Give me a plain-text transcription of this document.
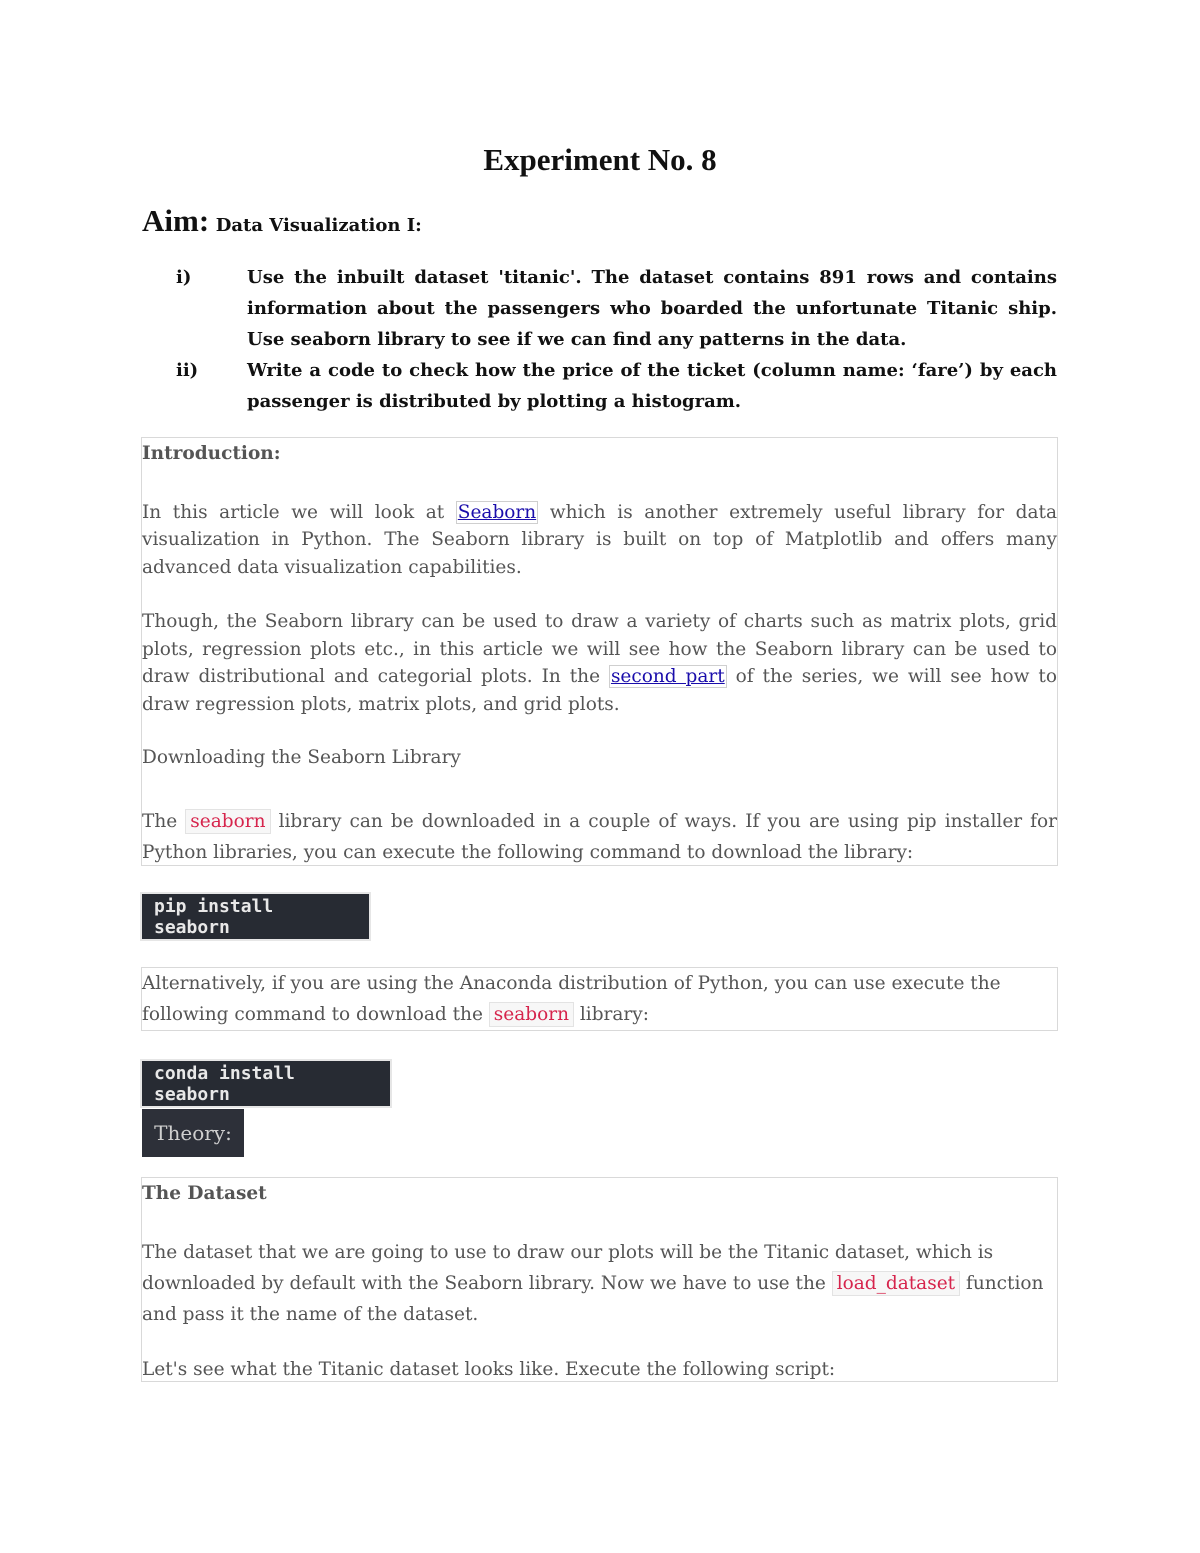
Experiment No. 8
Aim: Data Visualization I:
i)	Use the inbuilt dataset 'titanic'. The dataset contains 891 rows and contains information about the passengers who boarded the unfortunate Titanic ship. Use seaborn library to see if we can find any patterns in the data.
ii)	Write a code to check how the price of the ticket (column name: ‘fare’) by each passenger is distributed by plotting a histogram.

Introduction:

In this article we will look at Seaborn which is another extremely useful library for data visualization in Python. The Seaborn library is built on top of Matplotlib and offers many advanced data visualization capabilities.

Though, the Seaborn library can be used to draw a variety of charts such as matrix plots, grid plots, regression plots etc., in this article we will see how the Seaborn library can be used to draw distributional and categorial plots. In the second part of the series, we will see how to draw regression plots, matrix plots, and grid plots.

Downloading the Seaborn Library

The seaborn library can be downloaded in a couple of ways. If you are using pip installer for Python libraries, you can execute the following command to download the library:

pip install seaborn

Alternatively, if you are using the Anaconda distribution of Python, you can use execute the following command to download the seaborn library:

conda install seaborn
Theory:

The Dataset

The dataset that we are going to use to draw our plots will be the Titanic dataset, which is downloaded by default with the Seaborn library. Now we have to use the load_dataset function and pass it the name of the dataset.

Let's see what the Titanic dataset looks like. Execute the following script:
